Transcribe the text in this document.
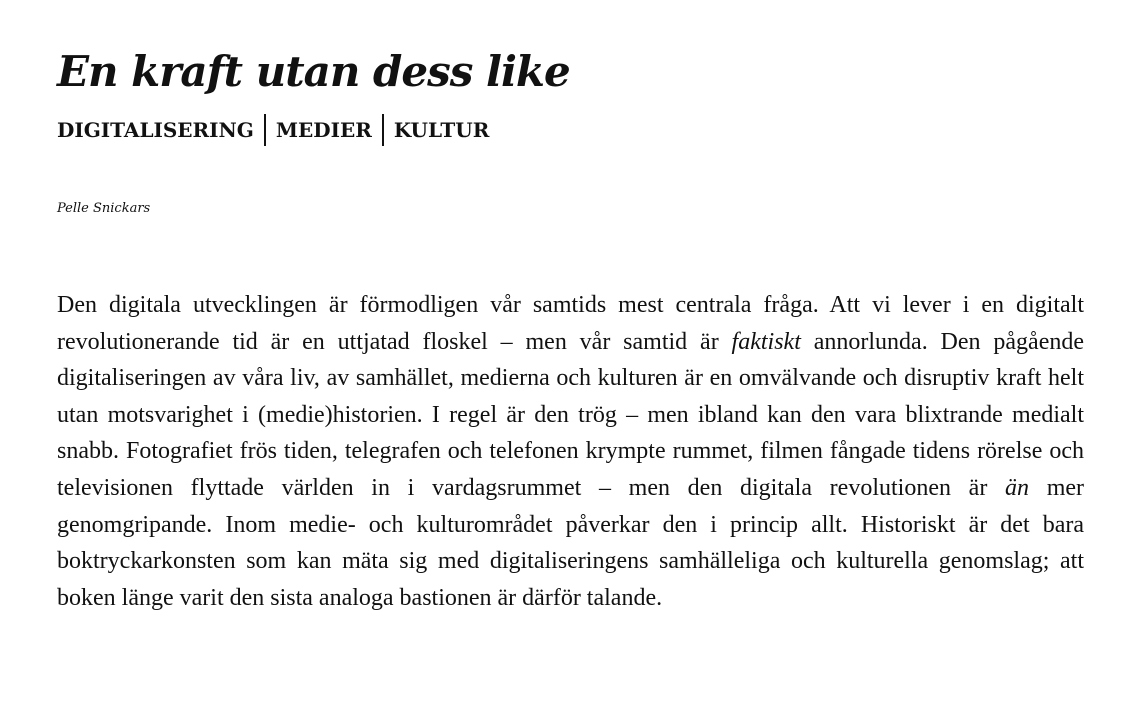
En kraft utan dess like
DIGITALISERING MEDIER KULTUR
Pelle Snickars

Den digitala utvecklingen är förmodligen vår samtids mest centrala fråga. Att vi lever i en digitalt revolutionerande tid är en uttjatad floskel – men vår samtid är faktiskt annorlunda. Den pågående digitaliseringen av våra liv, av samhället, medierna och kulturen är en omvälvande och disruptiv kraft helt utan motsvarighet i (medie)historien. I regel är den trög – men ibland kan den vara blixtrande medialt snabb. Fotografiet frös tiden, telegrafen och telefonen krympte rummet, filmen fångade tidens rörelse och televisionen flyttade världen in i vardagsrummet – men den digitala revolutionen är än mer genomgripande. Inom medie- och kulturområdet påverkar den i princip allt. Historiskt är det bara boktryckarkonsten som kan mäta sig med digitaliseringens samhälleliga och kulturella genomslag; att boken länge varit den sista analoga bastionen är därför talande.
